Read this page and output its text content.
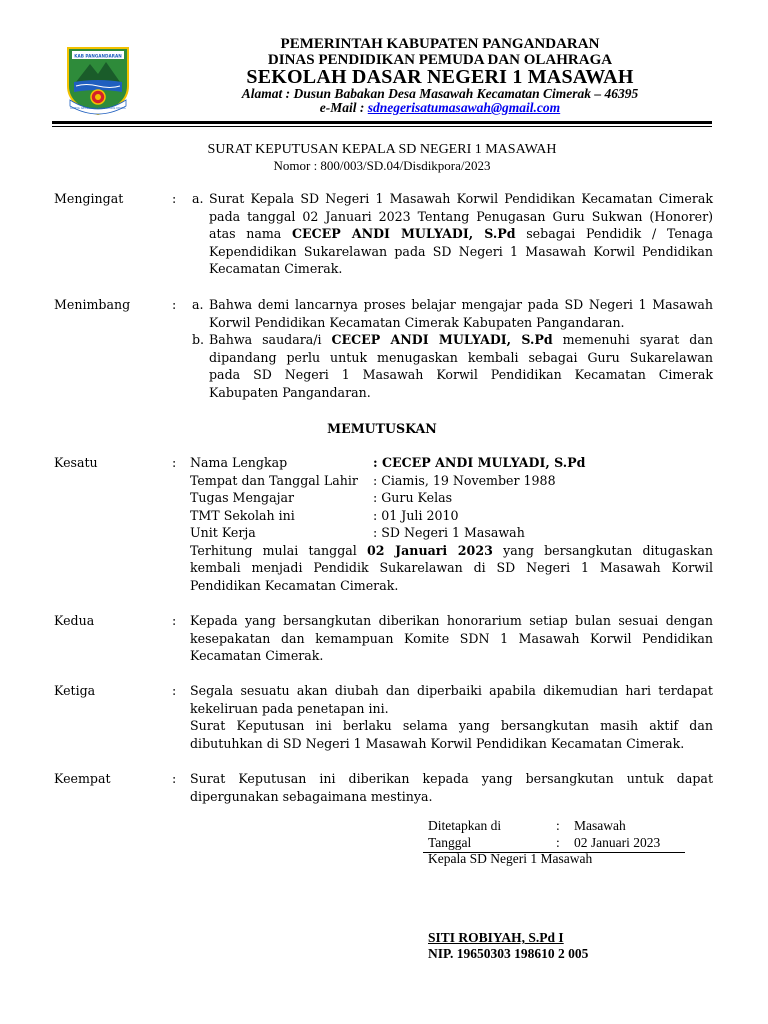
KAB PANGANDARAN
KARYA GEMILANG DAMAI ADIL NYATA
PEMERINTAH KABUPATEN PANGANDARAN
DINAS PENDIDIKAN PEMUDA DAN OLAHRAGA
SEKOLAH DASAR NEGERI 1 MASAWAH
Alamat : Dusun Babakan Desa Masawah Kecamatan Cimerak – 46395
e-Mail : sdnegerisatumasawah@gmail.com
SURAT KEPUTUSAN KEPALA SD NEGERI 1 MASAWAH
Nomor : 800/003/SD.04/Disdikpora/2023
Mengingat	: a. Surat Kepala SD Negeri 1 Masawah Korwil Pendidikan Kecamatan Cimerak
pada tanggal 02 Januari 2023 Tentang Penugasan Guru Sukwan (Honorer)
atas nama CECEP ANDI MULYADI, S.Pd sebagai Pendidik / Tenaga
Kependidikan Sukarelawan pada SD Negeri 1 Masawah Korwil Pendidikan
Kecamatan Cimerak.
Menimbang	: a. Bahwa demi lancarnya proses belajar mengajar pada SD Negeri 1 Masawah
Korwil Pendidikan Kecamatan Cimerak Kabupaten Pangandaran.
b. Bahwa saudara/i CECEP ANDI MULYADI, S.Pd memenuhi syarat dan
dipandang perlu untuk menugaskan kembali sebagai Guru Sukarelawan
pada SD Negeri 1 Masawah Korwil Pendidikan Kecamatan Cimerak
Kabupaten Pangandaran.
MEMUTUSKAN
Kesatu	: Nama Lengkap	: CECEP ANDI MULYADI, S.Pd
Tempat dan Tanggal Lahir : Ciamis, 19 November 1988
Tugas Mengajar	: Guru Kelas
TMT Sekolah ini	: 01 Juli 2010
Unit Kerja	: SD Negeri 1 Masawah
Terhitung mulai tanggal 02 Januari 2023 yang bersangkutan ditugaskan
kembali menjadi Pendidik Sukarelawan di SD Negeri 1 Masawah Korwil
Pendidikan Kecamatan Cimerak.
Kedua	: Kepada yang bersangkutan diberikan honorarium setiap bulan sesuai dengan
kesepakatan dan kemampuan Komite SDN 1 Masawah Korwil Pendidikan
Kecamatan Cimerak.
Ketiga	: Segala sesuatu akan diubah dan diperbaiki apabila dikemudian hari terdapat
kekeliruan pada penetapan ini.
Surat Keputusan ini berlaku selama yang bersangkutan masih aktif dan
dibutuhkan di SD Negeri 1 Masawah Korwil Pendidikan Kecamatan Cimerak.
Keempat	: Surat Keputusan ini diberikan kepada yang bersangkutan untuk dapat
dipergunakan sebagaimana mestinya.
Ditetapkan di	: Masawah
Tanggal	: 02 Januari 2023
Kepala SD Negeri 1 Masawah
SITI ROBIYAH, S.Pd I
NIP. 19650303 198610 2 005
